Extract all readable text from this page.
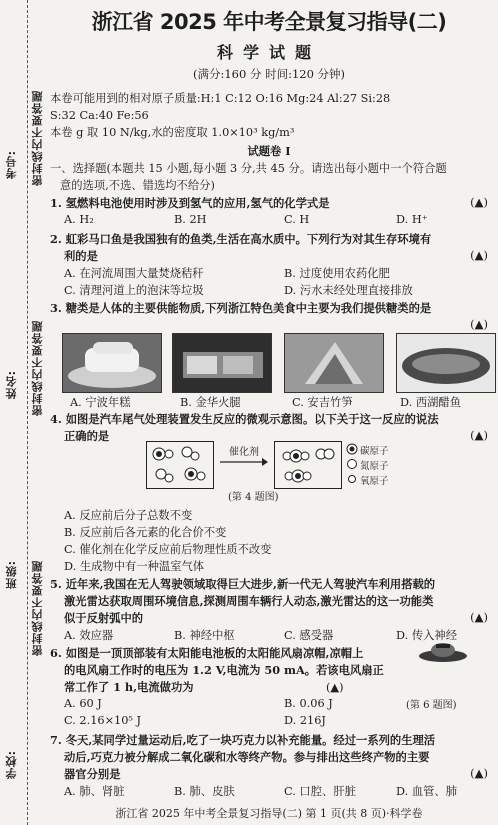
考号: 密封线内不要答题
姓名: 密封线内不要答题
班级: 密封线内不要答题
学校:
浙江省 2025 年中考全景复习指导(二)
科学试题
(满分:160 分 时间:120 分钟)
本卷可能用到的相对原子质量:H:1 C:12 O:16 Mg:24 Al:27 Si:28
S:32 Ca:40 Fe:56
本卷 g 取 10 N/kg,水的密度取 1.0×10³ kg/m³
试题卷 I
一、选择题(本题共 15 小题,每小题 3 分,共 45 分。请选出每小题中一个符合题
意的选项,不选、错选均不给分)
1. 氢燃料电池使用时涉及到氢气的应用,氢气的化学式是	(▲)
A. H₂	B. 2H	C. H	D. H⁺
2. 虹彩马口鱼是我国独有的鱼类,生活在高水质中。下列行为对其生存环境有
利的是	(▲)
A. 在河流周围大量焚烧秸秆	B. 过度使用农药化肥
C. 清理河道上的泡沫等垃圾	D. 污水未经处理直接排放
3. 糖类是人体的主要供能物质,下列浙江特色美食中主要为我们提供糖类的是
(▲)
A. 宁波年糕	B. 金华火腿	C. 安吉竹笋	D. 西湖醋鱼
4. 如图是汽车尾气处理装置发生反应的微观示意图。以下关于这一反应的说法
正确的是	(▲)
催化剂	碳原子
氮原子
氧原子
(第 4 题图)
A. 反应前后分子总数不变
B. 反应前后各元素的化合价不变
C. 催化剂在化学反应前后物理性质不改变
D. 生成物中有一种温室气体
5. 近年来,我国在无人驾驶领域取得巨大进步,新一代无人驾驶汽车利用搭载的
激光雷达获取周围环境信息,探测周围车辆行人动态,激光雷达的这一功能类
似于反射弧中的	(▲)
A. 效应器	B. 神经中枢	C. 感受器	D. 传入神经
6. 如图是一顶顶部装有太阳能电池板的太阳能风扇凉帽,凉帽上
的电风扇工作时的电压为 1.2 V,电流为 50 mA。若该电风扇正
常工作了 1 h,电流做功为	(▲)
A. 60 J	B. 0.06 J	(第 6 题图)
C. 2.16×10⁵ J	D. 216J
7. 冬天,某同学过量运动后,吃了一块巧克力以补充能量。经过一系列的生理活
动后,巧克力被分解成二氧化碳和水等终产物。参与排出这些终产物的主要
器官分别是	(▲)
A. 肺、肾脏	B. 肺、皮肤	C. 口腔、肝脏	D. 血管、肺
浙江省 2025 年中考全景复习指导(二) 第 1 页(共 8 页)·科学卷
